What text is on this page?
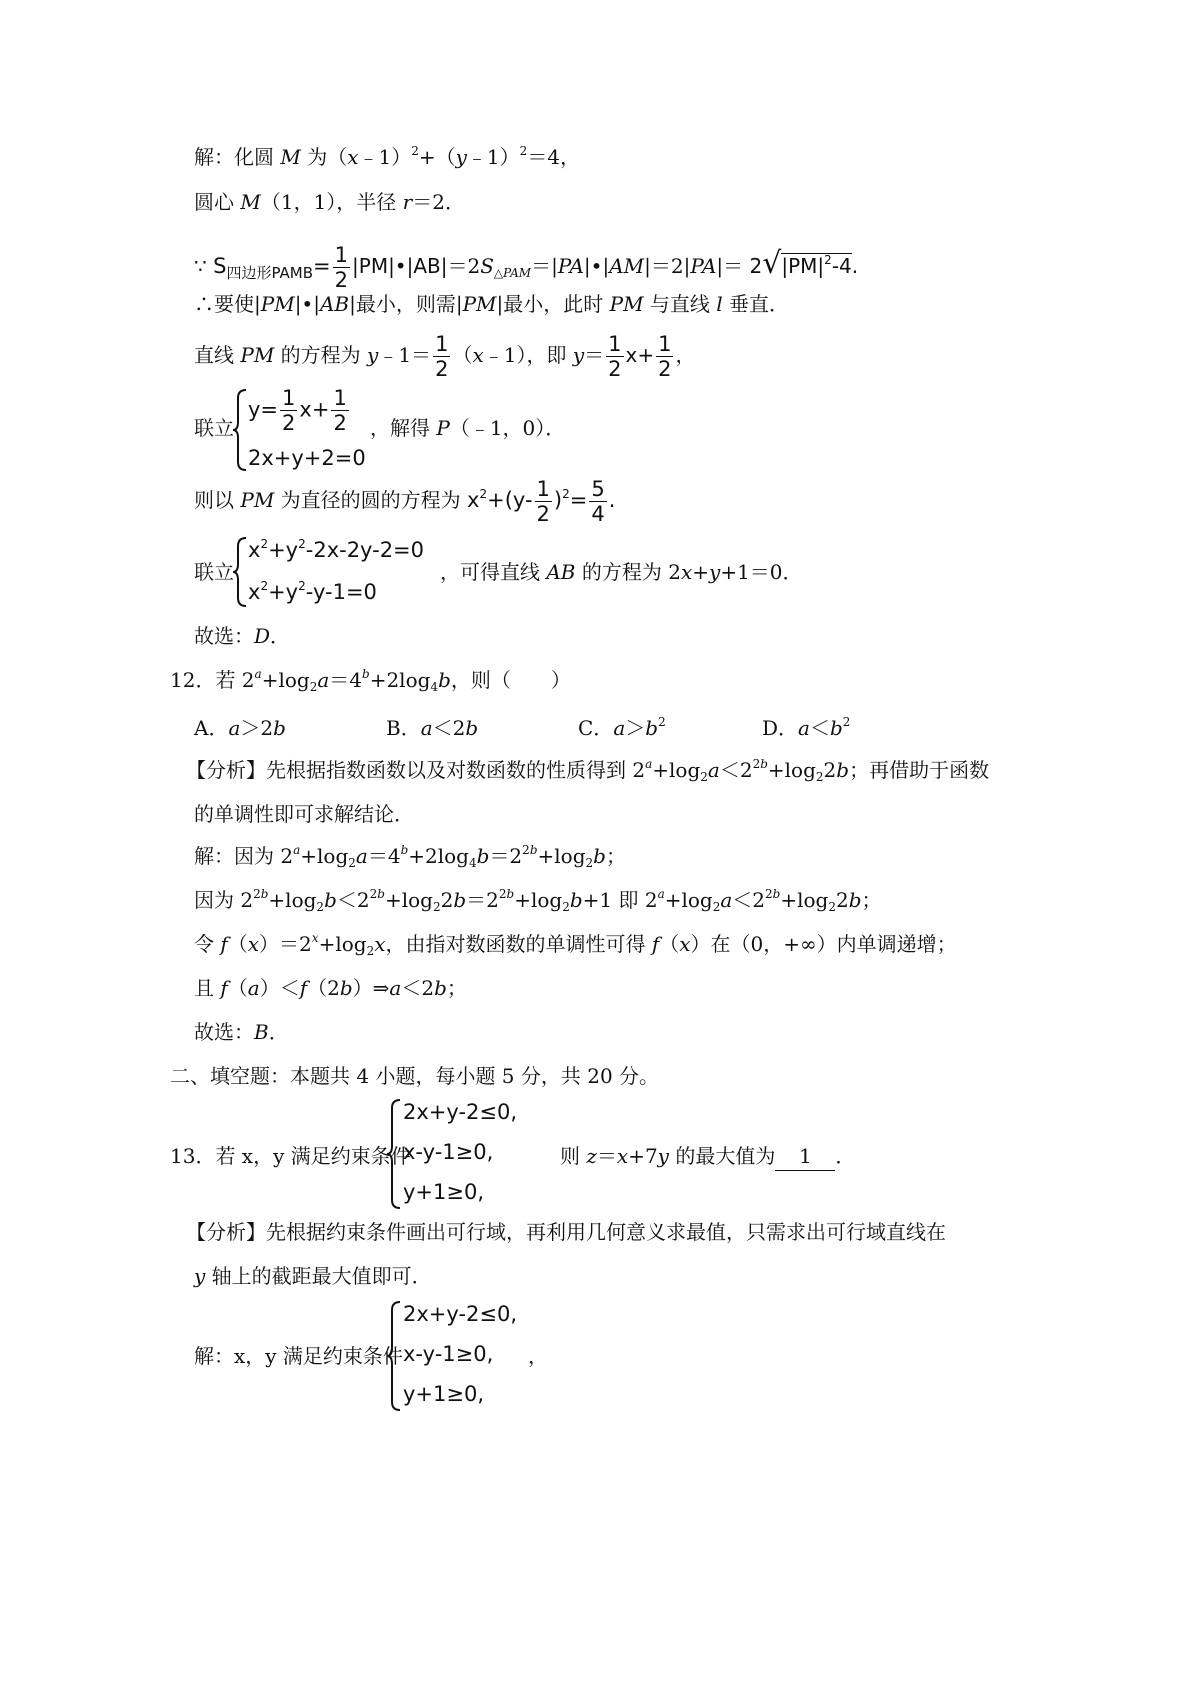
解：化圆 M 为（x﹣1）$^2$+（y﹣1）$^2$＝4，
圆心 M（1，1），半径 r＝2．
∵ $S_{四边形PAMB}= \frac{1}{2}$ $|PM|•|AB|=2S_{\triangle PAM}=|PA|•|AM|=2|PA|= 2√|PM|^2-4$.
∴要使|PM|•|AB|最小，则需|PM|最小，此时 PM 与直线 l 垂直．
直线 PM 的方程为 y﹣1＝ $\frac{1}{2}$ （x﹣1），即 $y= \frac{1}{2} x+ \frac{1}{2}$ ，
联立
$y= \frac{1}{2} x+ \frac{1}{2}$
2x+y+2=0
，解得 P（﹣1，0）．
则以 PM 为直径的圆的方程为 $x^2+(y- \frac{1}{2} )^2= \frac{5}{4}$ .
联立
$x^2+y^2-2x-2y-2=0$
$x^2+y^2-y-1=0$
，可得直线 AB 的方程为 2x+y+1＝0．
故选：D．
12．若 $2^a+\log_2a=4^b+2\log_4b$，则（　　）
A．a＞2b	B．a＜2b	C．$a>b^2$	D．$a<b^2$
【分析】先根据指数函数以及对数函数的性质得到 $2^a+\log_2a<2^{2b}+\log_22b$；再借助于函数
的单调性即可求解结论．
解：因为 $2^a+\log_2a=4^b+2\log_4b=2^{2b}+\log_2b$；
因为 $2^{2b}+\log_2b<2^{2b}+\log_22b=2^{2b}+\log_2b+1$ 即 $2^a+\log_2a<2^{2b}+\log_22b$；
令 $f(x)=2^x+\log_2x$，由指对数函数的单调性可得 f（x）在（0，+∞）内单调递增；
且 f（a）＜f（2b）⇒a＜2b；
故选：B．
二、填空题：本题共 4 小题，每小题 5 分，共 20 分。
13．若 x，y 满足约束条件
2x+y-2≤0,
x-y-1≥0,
y+1≥0,
则 z＝x+7y 的最大值为 1 ．
【分析】先根据约束条件画出可行域，再利用几何意义求最值，只需求出可行域直线在
y 轴上的截距最大值即可．
解：x，y 满足约束条件
2x+y-2≤0,
x-y-1≥0,
y+1≥0,
，
